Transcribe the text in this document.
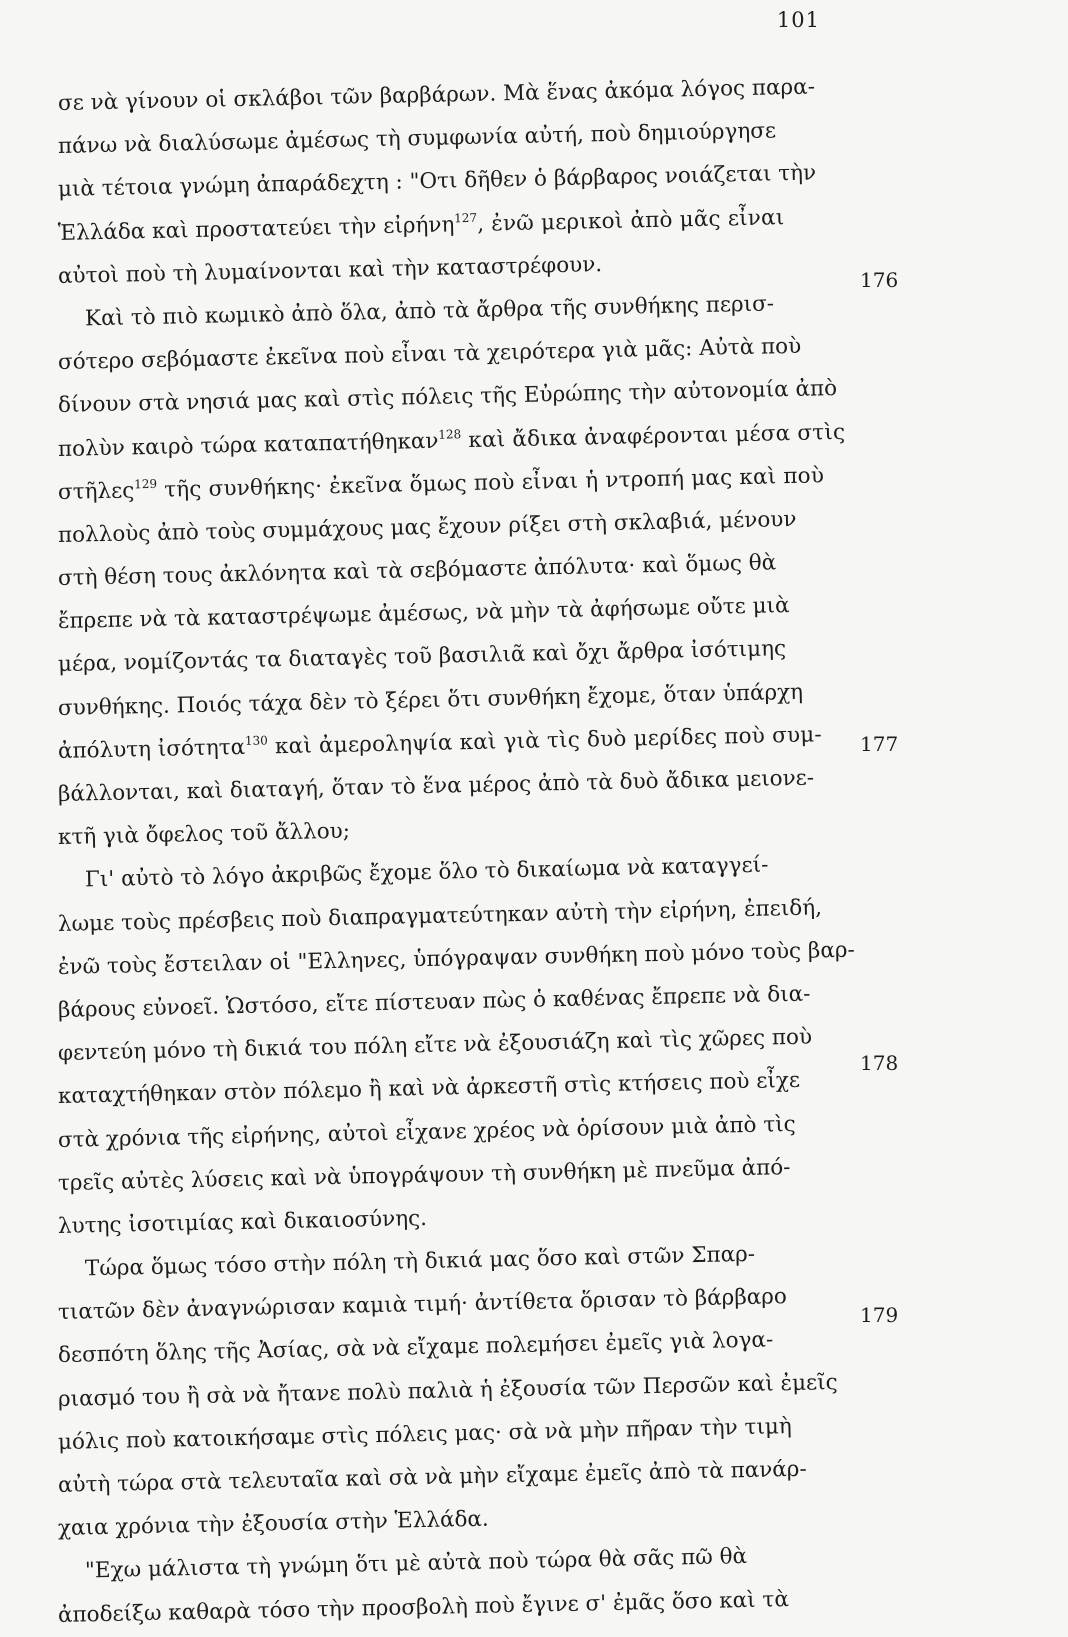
101
σε νὰ γίνουν οἱ σκλάβοι τῶν βαρβάρων. Μὰ ἕνας ἀκόμα λόγος παρα-
πάνω νὰ διαλύσωμε ἀμέσως τὴ συμφωνία αὐτή, ποὺ δημιούργησε
μιὰ τέτοια γνώμη ἀπαράδεχτη : "Οτι δῆθεν ὁ βάρβαρος νοιάζεται τὴν
Ἑλλάδα καὶ προστατεύει τὴν εἰρήνη$^{127}$, ἐνῶ μερικοὶ ἀπὸ μᾶς εἶναι
αὐτοὶ ποὺ τὴ λυμαίνονται καὶ τὴν καταστρέφουν.
Καὶ τὸ πιὸ κωμικὸ ἀπὸ ὅλα, ἀπὸ τὰ ἄρθρα τῆς συνθήκης περισ-
σότερο σεβόμαστε ἐκεῖνα ποὺ εἶναι τὰ χειρότερα γιὰ μᾶς: Αὐτὰ ποὺ
δίνουν στὰ νησιά μας καὶ στὶς πόλεις τῆς Εὐρώπης τὴν αὐτονομία ἀπὸ
πολὺν καιρὸ τώρα καταπατήθηκαν$^{128}$ καὶ ἄδικα ἀναφέρονται μέσα στὶς
στῆλες$^{129}$ τῆς συνθήκης· ἐκεῖνα ὅμως ποὺ εἶναι ἡ ντροπή μας καὶ ποὺ
πολλοὺς ἀπὸ τοὺς συμμάχους μας ἔχουν ρίξει στὴ σκλαβιά, μένουν
στὴ θέση τους ἀκλόνητα καὶ τὰ σεβόμαστε ἀπόλυτα· καὶ ὅμως θὰ
ἔπρεπε νὰ τὰ καταστρέψωμε ἀμέσως, νὰ μὴν τὰ ἀφήσωμε οὔτε μιὰ
μέρα, νομίζοντάς τα διαταγὲς τοῦ βασιλιᾶ καὶ ὄχι ἄρθρα ἰσότιμης
συνθήκης. Ποιός τάχα δὲν τὸ ξέρει ὅτι συνθήκη ἔχομε, ὅταν ὑπάρχη
ἀπόλυτη ἰσότητα$^{130}$ καὶ ἀμεροληψία καὶ γιὰ τὶς δυὸ μερίδες ποὺ συμ-
βάλλονται, καὶ διαταγή, ὅταν τὸ ἕνα μέρος ἀπὸ τὰ δυὸ ἄδικα μειονε-
κτῆ γιὰ ὄφελος τοῦ ἄλλου;
Γι' αὐτὸ τὸ λόγο ἀκριβῶς ἔχομε ὅλο τὸ δικαίωμα νὰ καταγγεί-
λωμε τοὺς πρέσβεις ποὺ διαπραγματεύτηκαν αὐτὴ τὴν εἰρήνη, ἐπειδή,
ἐνῶ τοὺς ἔστειλαν οἱ "Ελληνες, ὑπόγραψαν συνθήκη ποὺ μόνο τοὺς βαρ-
βάρους εὐνοεῖ. Ὡστόσο, εἴτε πίστευαν πὼς ὁ καθένας ἔπρεπε νὰ δια-
φεντεύη μόνο τὴ δικιά του πόλη εἴτε νὰ ἐξουσιάζη καὶ τὶς χῶρες ποὺ
καταχτήθηκαν στὸν πόλεμο ἢ καὶ νὰ ἀρκεστῆ στὶς κτήσεις ποὺ εἶχε
στὰ χρόνια τῆς εἰρήνης, αὐτοὶ εἶχανε χρέος νὰ ὁρίσουν μιὰ ἀπὸ τὶς
τρεῖς αὐτὲς λύσεις καὶ νὰ ὑπογράψουν τὴ συνθήκη μὲ πνεῦμα ἀπό-
λυτης ἰσοτιμίας καὶ δικαιοσύνης.
Τώρα ὅμως τόσο στὴν πόλη τὴ δικιά μας ὅσο καὶ στῶν Σπαρ-
τιατῶν δὲν ἀναγνώρισαν καμιὰ τιμή· ἀντίθετα ὅρισαν τὸ βάρβαρο
δεσπότη ὅλης τῆς Ἀσίας, σὰ νὰ εἴχαμε πολεμήσει ἐμεῖς γιὰ λογα-
ριασμό του ἢ σὰ νὰ ἤτανε πολὺ παλιὰ ἡ ἐξουσία τῶν Περσῶν καὶ ἐμεῖς
μόλις ποὺ κατοικήσαμε στὶς πόλεις μας· σὰ νὰ μὴν πῆραν τὴν τιμὴ
αὐτὴ τώρα στὰ τελευταῖα καὶ σὰ νὰ μὴν εἴχαμε ἐμεῖς ἀπὸ τὰ πανάρ-
χαια χρόνια τὴν ἐξουσία στὴν Ἑλλάδα.
"Εχω μάλιστα τὴ γνώμη ὅτι μὲ αὐτὰ ποὺ τώρα θὰ σᾶς πῶ θὰ
ἀποδείξω καθαρὰ τόσο τὴν προσβολὴ ποὺ ἔγινε σ' ἐμᾶς ὅσο καὶ τὰ
176
177
178
179
